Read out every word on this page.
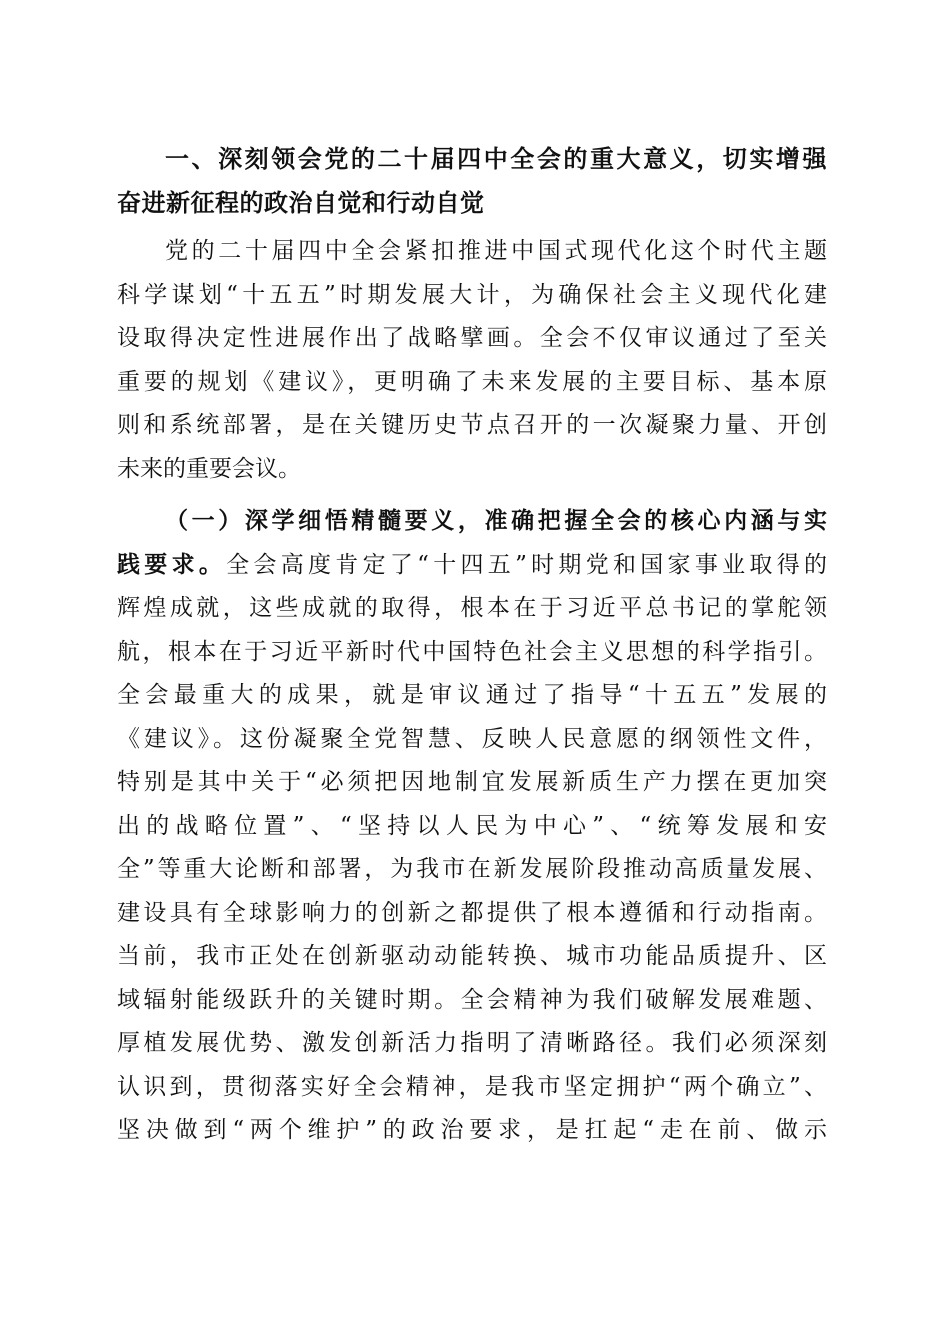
一、深刻领会党的二十届四中全会的重大意义，切实增强
奋进新征程的政治自觉和行动自觉
党的二十届四中全会紧扣推进中国式现代化这个时代主题
科学谋划“十五五”时期发展大计，为确保社会主义现代化建
设取得决定性进展作出了战略擘画。全会不仅审议通过了至关
重要的规划《建议》，更明确了未来发展的主要目标、基本原
则和系统部署，是在关键历史节点召开的一次凝聚力量、开创
未来的重要会议。
（一）深学细悟精髓要义，准确把握全会的核心内涵与实
践要求。全会高度肯定了“十四五”时期党和国家事业取得的
辉煌成就，这些成就的取得，根本在于习近平总书记的掌舵领
航，根本在于习近平新时代中国特色社会主义思想的科学指引。
全会最重大的成果，就是审议通过了指导“十五五”发展的
《建议》。这份凝聚全党智慧、反映人民意愿的纲领性文件，
特别是其中关于“必须把因地制宜发展新质生产力摆在更加突
出的战略位置”、“坚持以人民为中心”、“统筹发展和安
全”等重大论断和部署，为我市在新发展阶段推动高质量发展、
建设具有全球影响力的创新之都提供了根本遵循和行动指南。
当前，我市正处在创新驱动动能转换、城市功能品质提升、区
域辐射能级跃升的关键时期。全会精神为我们破解发展难题、
厚植发展优势、激发创新活力指明了清晰路径。我们必须深刻
认识到，贯彻落实好全会精神，是我市坚定拥护“两个确立”、
坚决做到“两个维护”的政治要求，是扛起“走在前、做示
